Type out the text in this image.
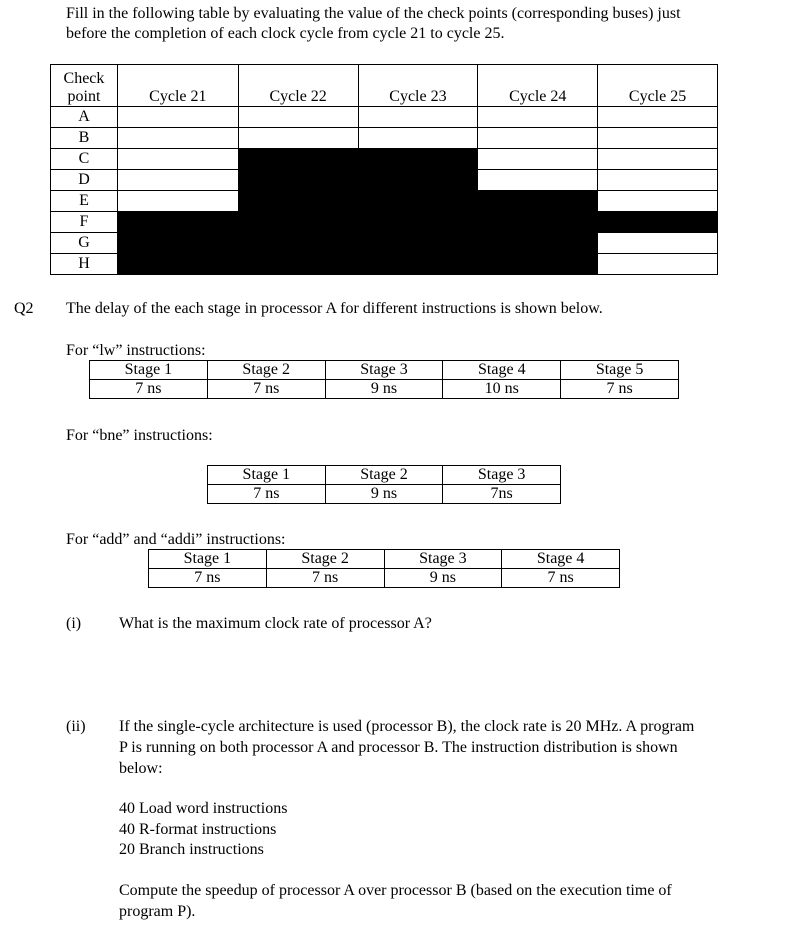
Fill in the following table by evaluating the value of the check points (corresponding buses) just
before the completion of each clock cycle from cycle 21 to cycle 25.
Check
point	Cycle 21	Cycle 22	Cycle 23	Cycle 24	Cycle 25
A					
B					
C					
D					
E					
F					
G					
H					
Q2 The delay of the each stage in processor A for different instructions is shown below.
For “lw” instructions:
Stage 1	Stage 2	Stage 3	Stage 4	Stage 5
7 ns	7 ns	9 ns	10 ns	7 ns
For “bne” instructions:
Stage 1	Stage 2	Stage 3
7 ns	9 ns	7ns
For “add” and “addi” instructions:
Stage 1	Stage 2	Stage 3	Stage 4
7 ns	7 ns	9 ns	7 ns
(i) What is the maximum clock rate of processor A?
(ii) If the single-cycle architecture is used (processor B), the clock rate is 20 MHz. A program
P is running on both processor A and processor B. The instruction distribution is shown
below:
40 Load word instructions
40 R-format instructions
20 Branch instructions
Compute the speedup of processor A over processor B (based on the execution time of
program P).
